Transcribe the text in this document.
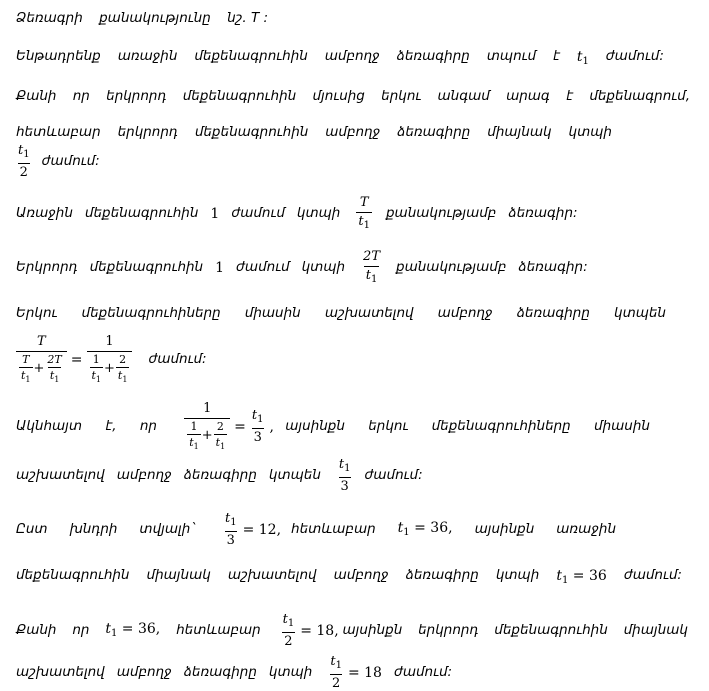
Ձեռագրի քանակությունը նշ. T :
Ենթադրենք առաջին մեքենագրուհին ամբողջ ձեռագիրը տպում է $t_1$ ժամում:
Քանի որ երկրորդ մեքենագրուհին մյուսից երկու անգամ արագ է մեքենագրում,
հետևաբար երկրորդ մեքենագրուհին ամբողջ ձեռագիրը միայնակ կտպի
$\frac{t_1}{2}$ ժամում:
Առաջին մեքենագրուհին 1 ժամում կտպի $\frac{T}{t_1}$ քանակությամբ ձեռագիր:
Երկրորդ մեքենագրուհին 1 ժամում կտպի $\frac{2T}{t_1}$ քանակությամբ ձեռագիր:
Երկու մեքենագրուհիները միասին աշխատելով ամբողջ ձեռագիրը կտպեն
$\frac{T}{\frac{T}{t_1} + \frac{2T}{t_1}} = \frac{1}{\frac{1}{t_1} + \frac{2}{t_1}}$ ժամում:
Ակնհայտ է, որ $\frac{1}{\frac{1}{t_1} + \frac{2}{t_1}} = \frac{t_1}{3}$ , այսինքն երկու մեքենագրուհիները միասին
աշխատելով ամբողջ ձեռագիրը կտպեն $\frac{t_1}{3}$ ժամում:
Ըստ խնդրի տվյալի` $\frac{t_1}{3} = 12$, հետևաբար $t_1 = 36$, այսինքն առաջին
մեքենագրուհին միայնակ աշխատելով ամբողջ ձեռագիրը կտպի $t_1 = 36$ ժամում:
Քանի որ $t_1 = 36$, հետևաբար $\frac{t_1}{2} = 18$, այսինքն երկրորդ մեքենագրուհին միայնակ
աշխատելով ամբողջ ձեռագիրը կտպի $\frac{t_1}{2} = 18$ ժամում:
